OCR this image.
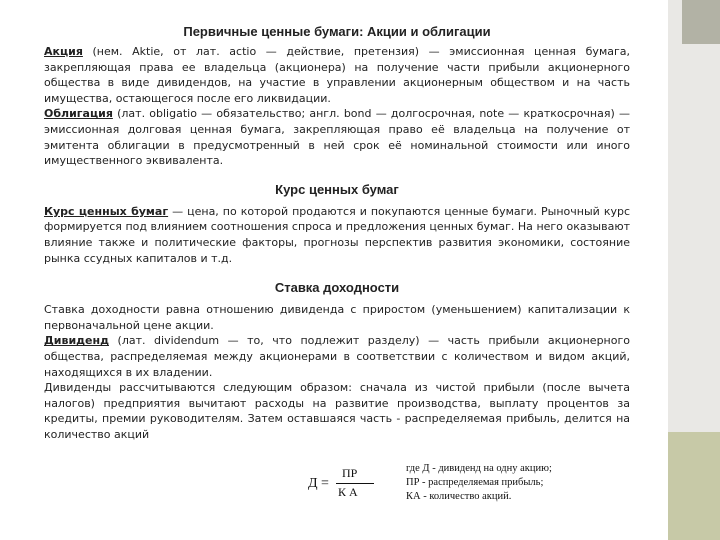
Первичные ценные бумаги: Акции и облигации

Акция (нем. Aktie, от лат. actio — действие, претензия) — эмиссионная ценная бумага, закрепляющая права ее владельца (акционера) на получение части прибыли акционерного общества в виде дивидендов, на участие в управлении акционерным обществом и на часть имущества, остающегося после его ликвидации.

Облигация (лат. obligatio — обязательство; англ. bond — долгосрочная, note — краткосрочная) — эмиссионная долговая ценная бумага, закрепляющая право её владельца на получение от эмитента облигации в предусмотренный в ней срок её номинальной стоимости или иного имущественного эквивалента.

Курс ценных бумаг

Курс ценных бумаг — цена, по которой продаются и покупаются ценные бумаги. Рыночный курс формируется под влиянием соотношения спроса и предложения ценных бумаг. На него оказывают влияние также и политические факторы, прогнозы перспектив развития экономики, состояние рынка ссудных капиталов и т.д.

Ставка доходности

Ставка доходности равна отношению дивиденда с приростом (уменьшением) капитализации к первоначальной цене акции.

Дивиденд (лат. dividendum — то, что подлежит разделу) — часть прибыли акционерного общества, распределяемая между акционерами в соответствии с количеством и видом акций, находящихся в их владении.

Дивиденды рассчитываются следующим образом: сначала из чистой прибыли (после вычета налогов) предприятия вычитают расходы на развитие производства, выплату процентов за кредиты, премии руководителям. Затем оставшаяся часть - распределяемая прибыль, делится на количество акций

Д =
ПР
К А
где Д - дивиденд на одну акцию;
ПР - распределяемая прибыль;
КА - количество акций.
